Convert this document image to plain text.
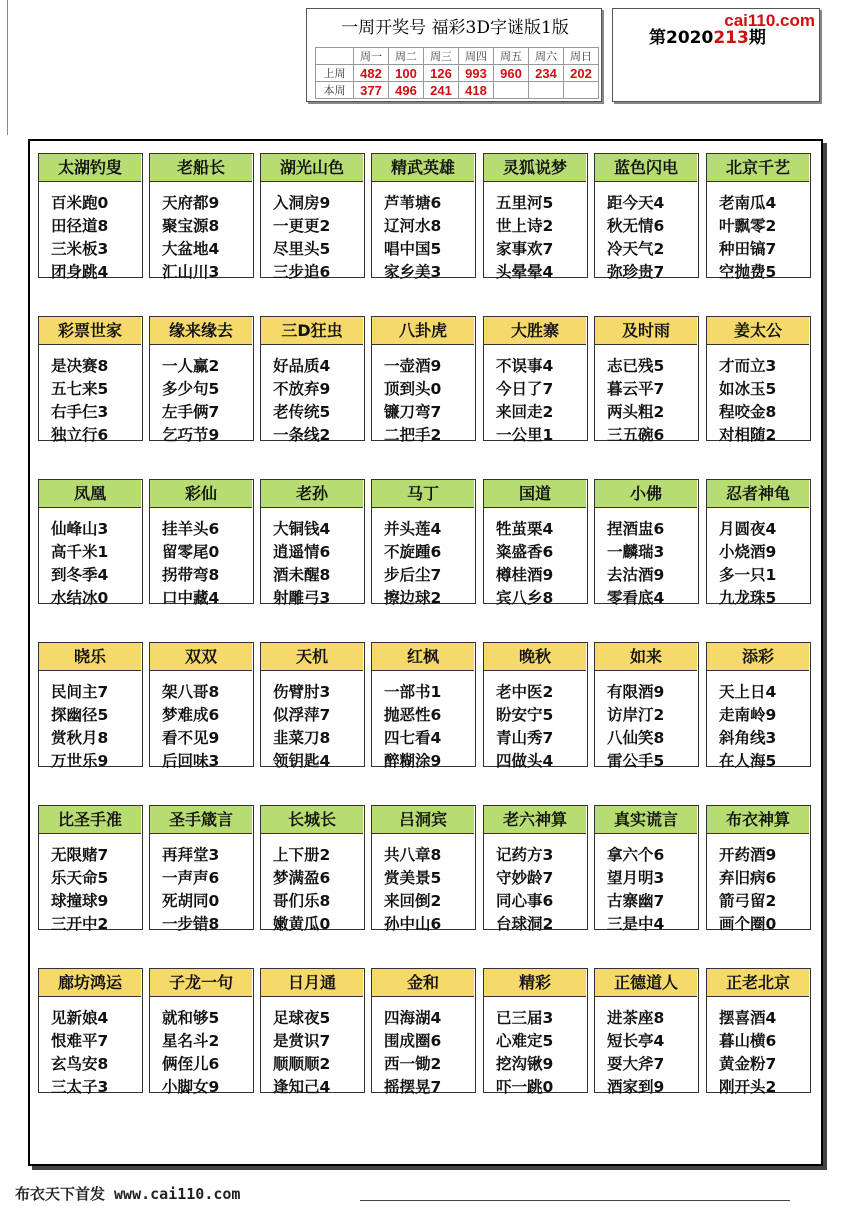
一周开奖号 福彩3D字谜版1版
	周一	周二	周三	周四	周五	周六	周日
上周	482	100	126	993	960	234	202
本周	377	496	241	418			
cai110.com
第2020213期
太湖钓叟
百米跑0
田径道8
三米板3
团身跳4
老船长
天府都9
聚宝源8
大盆地4
汇山川3
湖光山色
入洞房9
一更更2
尽里头5
三步追6
精武英雄
芦苇塘6
辽河水8
唱中国5
家乡美3
灵狐说梦
五里河5
世上诗2
家事欢7
头晕晕4
蓝色闪电
距今天4
秋无情6
冷天气2
弥珍贵7
北京千艺
老南瓜4
叶飘零2
种田镐7
空抛费5
彩票世家
是决赛8
五七来5
右手仨3
独立行6
缘来缘去
一人赢2
多少句5
左手俩7
乞巧节9
三D狂虫
好品质4
不放弃9
老传统5
一条线2
八卦虎
一壶酒9
顶到头0
镰刀弯7
二把手2
大胜寨
不误事4
今日了7
来回走2
一公里1
及时雨
志已残5
暮云平7
两头粗2
三五碗6
姜太公
才而立3
如冰玉5
程咬金8
对相随2
凤凰
仙峰山3
高千米1
到冬季4
水结冰0
彩仙
挂羊头6
留零尾0
拐带弯8
口中藏4
老孙
大铜钱4
逍遥情6
酒未醒8
射雕弓3
马丁
并头莲4
不旋踵6
步后尘7
擦边球2
国道
牲茧栗4
粢盛香6
樽桂酒9
宾八乡8
小佛
捏酒盅6
一麟瑞3
去沽酒9
零看底4
忍者神龟
月圆夜4
小烧酒9
多一只1
九龙珠5
晓乐
民间主7
探幽径5
赏秋月8
万世乐9
双双
架八哥8
梦难成6
看不见9
后回味3
天机
伤臂肘3
似浮萍7
韭菜刀8
领钥匙4
红枫
一部书1
抛恶性6
四七看4
醉糊涂9
晚秋
老中医2
盼安宁5
青山秀7
四做头4
如来
有限酒9
访岸汀2
八仙笑8
雷公手5
添彩
天上日4
走南岭9
斜角线3
在人海5
比圣手准
无限赌7
乐天命5
球撞球9
三开中2
圣手箴言
再拜堂3
一声声6
死胡同0
一步错8
长城长
上下册2
梦满盈6
哥们乐8
嫩黄瓜0
吕洞宾
共八章8
赏美景5
来回倒2
孙中山6
老六神算
记药方3
守妙龄7
同心事6
台球洞2
真实谎言
拿六个6
望月明3
古寨幽7
三是中4
布衣神算
开药酒9
弃旧病6
箭弓留2
画个圈0
廊坊鸿运
见新娘4
恨难平7
玄鸟安8
三太子3
子龙一句
就和够5
星名斗2
俩侄儿6
小脚女9
日月通
足球夜5
是赏识7
顺顺顺2
逢知己4
金和
四海湖4
围成圈6
西一锄2
摇摆晃7
精彩
已三届3
心难定5
挖沟锹9
吓一跳0
正德道人
进茶座8
短长亭4
耍大斧7
酒家到9
正老北京
摆喜酒4
暮山横6
黄金粉7
刚开头2
布衣天下首发 www.cai110.com
